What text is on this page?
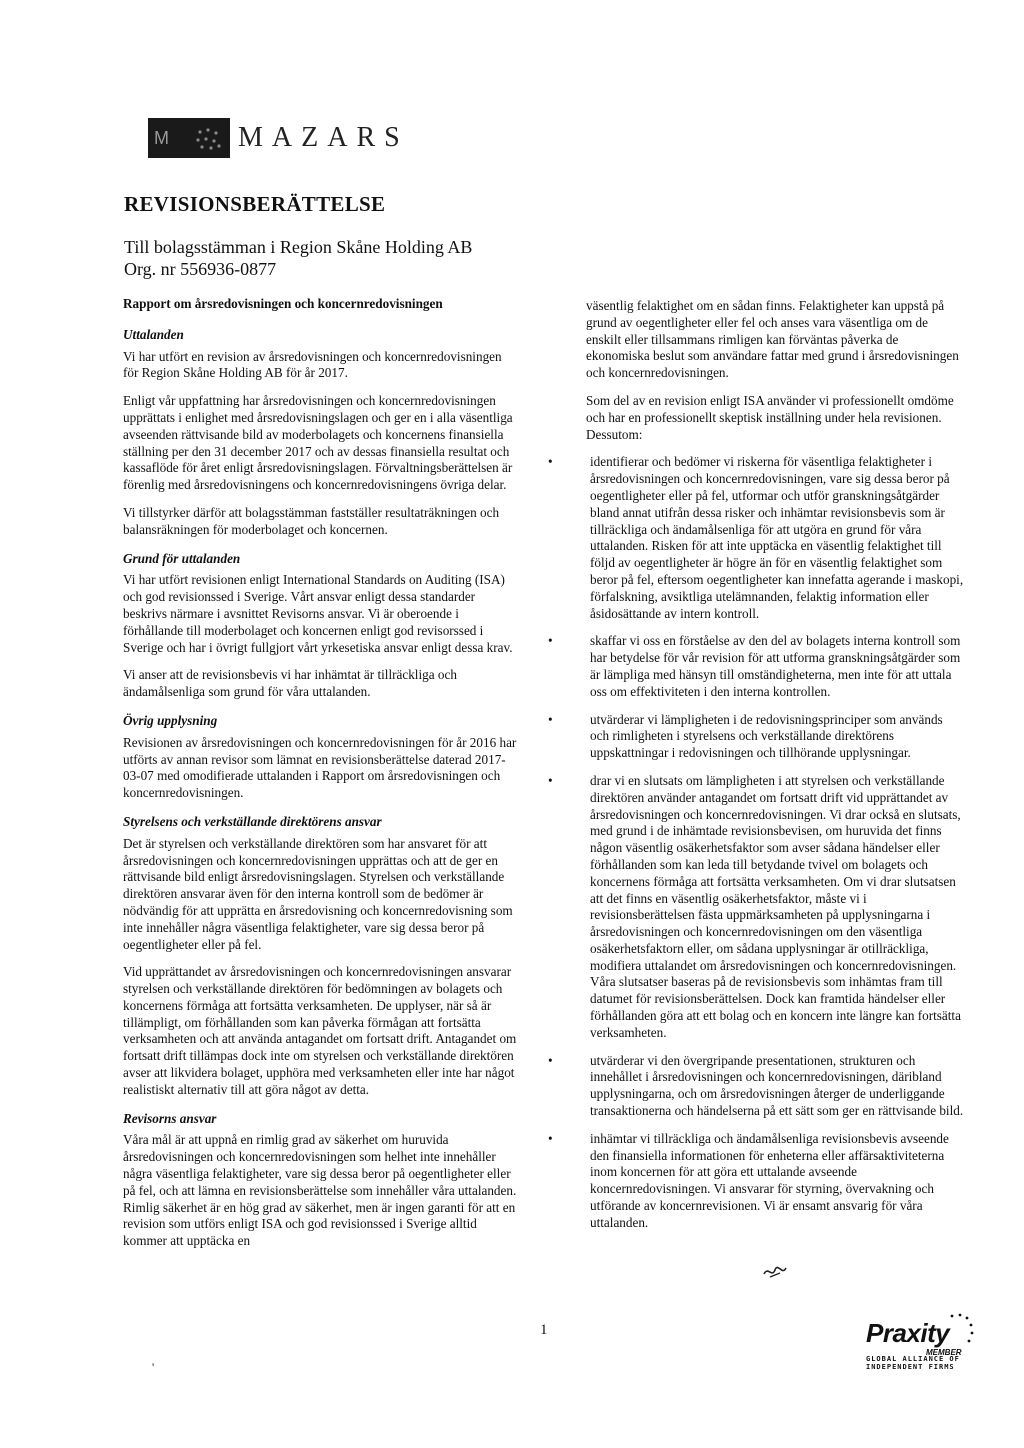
M MAZARS
REVISIONSBERÄTTELSE
Till bolagsstämman i Region Skåne Holding AB
Org. nr 556936-0877
Rapport om årsredovisningen och koncernredovisningen
Uttalanden

Vi har utfört en revision av årsredovisningen och koncernredovisningen för Region Skåne Holding AB för år 2017.

Enligt vår uppfattning har årsredovisningen och koncernredovisningen upprättats i enlighet med årsredovisningslagen och ger en i alla väsentliga avseenden rättvisande bild av moderbolagets och koncernens finansiella ställning per den 31 december 2017 och av dessas finansiella resultat och kassaflöde för året enligt årsredovisningslagen. Förvaltningsberättelsen är förenlig med årsredovisningens och koncernredovisningens övriga delar.

Vi tillstyrker därför att bolagsstämman fastställer resultaträkningen och balansräkningen för moderbolaget och koncernen.

Grund för uttalanden

Vi har utfört revisionen enligt International Standards on Auditing (ISA) och god revisionssed i Sverige. Vårt ansvar enligt dessa standarder beskrivs närmare i avsnittet Revisorns ansvar. Vi är oberoende i förhållande till moderbolaget och koncernen enligt god revisorssed i Sverige och har i övrigt fullgjort vårt yrkesetiska ansvar enligt dessa krav.

Vi anser att de revisionsbevis vi har inhämtat är tillräckliga och ändamålsenliga som grund för våra uttalanden.

Övrig upplysning

Revisionen av årsredovisningen och koncernredovisningen för år 2016 har utförts av annan revisor som lämnat en revisionsberättelse daterad 2017-03-07 med omodifierade uttalanden i Rapport om årsredovisningen och koncernredovisningen.

Styrelsens och verkställande direktörens ansvar

Det är styrelsen och verkställande direktören som har ansvaret för att årsredovisningen och koncernredovisningen upprättas och att de ger en rättvisande bild enligt årsredovisningslagen. Styrelsen och verkställande direktören ansvarar även för den interna kontroll som de bedömer är nödvändig för att upprätta en årsredovisning och koncernredovisning som inte innehåller några väsentliga felaktigheter, vare sig dessa beror på oegentligheter eller på fel.

Vid upprättandet av årsredovisningen och koncernredovisningen ansvarar styrelsen och verkställande direktören för bedömningen av bolagets och koncernens förmåga att fortsätta verksamheten. De upplyser, när så är tillämpligt, om förhållanden som kan påverka förmågan att fortsätta verksamheten och att använda antagandet om fortsatt drift. Antagandet om fortsatt drift tillämpas dock inte om styrelsen och verkställande direktören avser att likvidera bolaget, upphöra med verksamheten eller inte har något realistiskt alternativ till att göra något av detta.

Revisorns ansvar

Våra mål är att uppnå en rimlig grad av säkerhet om huruvida årsredovisningen och koncernredovisningen som helhet inte innehåller några väsentliga felaktigheter, vare sig dessa beror på oegentligheter eller på fel, och att lämna en revisionsberättelse som innehåller våra uttalanden. Rimlig säkerhet är en hög grad av säkerhet, men är ingen garanti för att en revision som utförs enligt ISA och god revisionssed i Sverige alltid kommer att upptäcka en

väsentlig felaktighet om en sådan finns. Felaktigheter kan uppstå på grund av oegentligheter eller fel och anses vara väsentliga om de enskilt eller tillsammans rimligen kan förväntas påverka de ekonomiska beslut som användare fattar med grund i årsredovisningen och koncernredovisningen.

Som del av en revision enligt ISA använder vi professionellt omdöme och har en professionellt skeptisk inställning under hela revisionen. Dessutom:

•	identifierar och bedömer vi riskerna för väsentliga felaktigheter i årsredovisningen och koncernredovisningen, vare sig dessa beror på oegentligheter eller på fel, utformar och utför granskningsåtgärder bland annat utifrån dessa risker och inhämtar revisionsbevis som är tillräckliga och ändamålsenliga för att utgöra en grund för våra uttalanden. Risken för att inte upptäcka en väsentlig felaktighet till följd av oegentligheter är högre än för en väsentlig felaktighet som beror på fel, eftersom oegentligheter kan innefatta agerande i maskopi, förfalskning, avsiktliga utelämnanden, felaktig information eller åsidosättande av intern kontroll.
•	skaffar vi oss en förståelse av den del av bolagets interna kontroll som har betydelse för vår revision för att utforma granskningsåtgärder som är lämpliga med hänsyn till omständigheterna, men inte för att uttala oss om effektiviteten i den interna kontrollen.
•	utvärderar vi lämpligheten i de redovisningsprinciper som används och rimligheten i styrelsens och verkställande direktörens uppskattningar i redovisningen och tillhörande upplysningar.
•	drar vi en slutsats om lämpligheten i att styrelsen och verkställande direktören använder antagandet om fortsatt drift vid upprättandet av årsredovisningen och koncernredovisningen. Vi drar också en slutsats, med grund i de inhämtade revisionsbevisen, om huruvida det finns någon väsentlig osäkerhetsfaktor som avser sådana händelser eller förhållanden som kan leda till betydande tvivel om bolagets och koncernens förmåga att fortsätta verksamheten. Om vi drar slutsatsen att det finns en väsentlig osäkerhetsfaktor, måste vi i revisionsberättelsen fästa uppmärksamheten på upplysningarna i årsredovisningen och koncernredovisningen om den väsentliga osäkerhetsfaktorn eller, om sådana upplysningar är otillräckliga, modifiera uttalandet om årsredovisningen och koncernredovisningen. Våra slutsatser baseras på de revisionsbevis som inhämtas fram till datumet för revisionsberättelsen. Dock kan framtida händelser eller förhållanden göra att ett bolag och en koncern inte längre kan fortsätta verksamheten.
•	utvärderar vi den övergripande presentationen, strukturen och innehållet i årsredovisningen och koncernredovisningen, däribland upplysningarna, och om årsredovisningen återger de underliggande transaktionerna och händelserna på ett sätt som ger en rättvisande bild.
•	inhämtar vi tillräckliga och ändamålsenliga revisionsbevis avseende den finansiella informationen för enheterna eller affärsaktiviteterna inom koncernen för att göra ett uttalande avseende koncernredovisningen. Vi ansvarar för styrning, övervakning och utförande av koncernrevisionen. Vi är ensamt ansvarig för våra uttalanden.
1
'
Praxity
MEMBER
GLOBAL ALLIANCE OF
INDEPENDENT FIRMS
